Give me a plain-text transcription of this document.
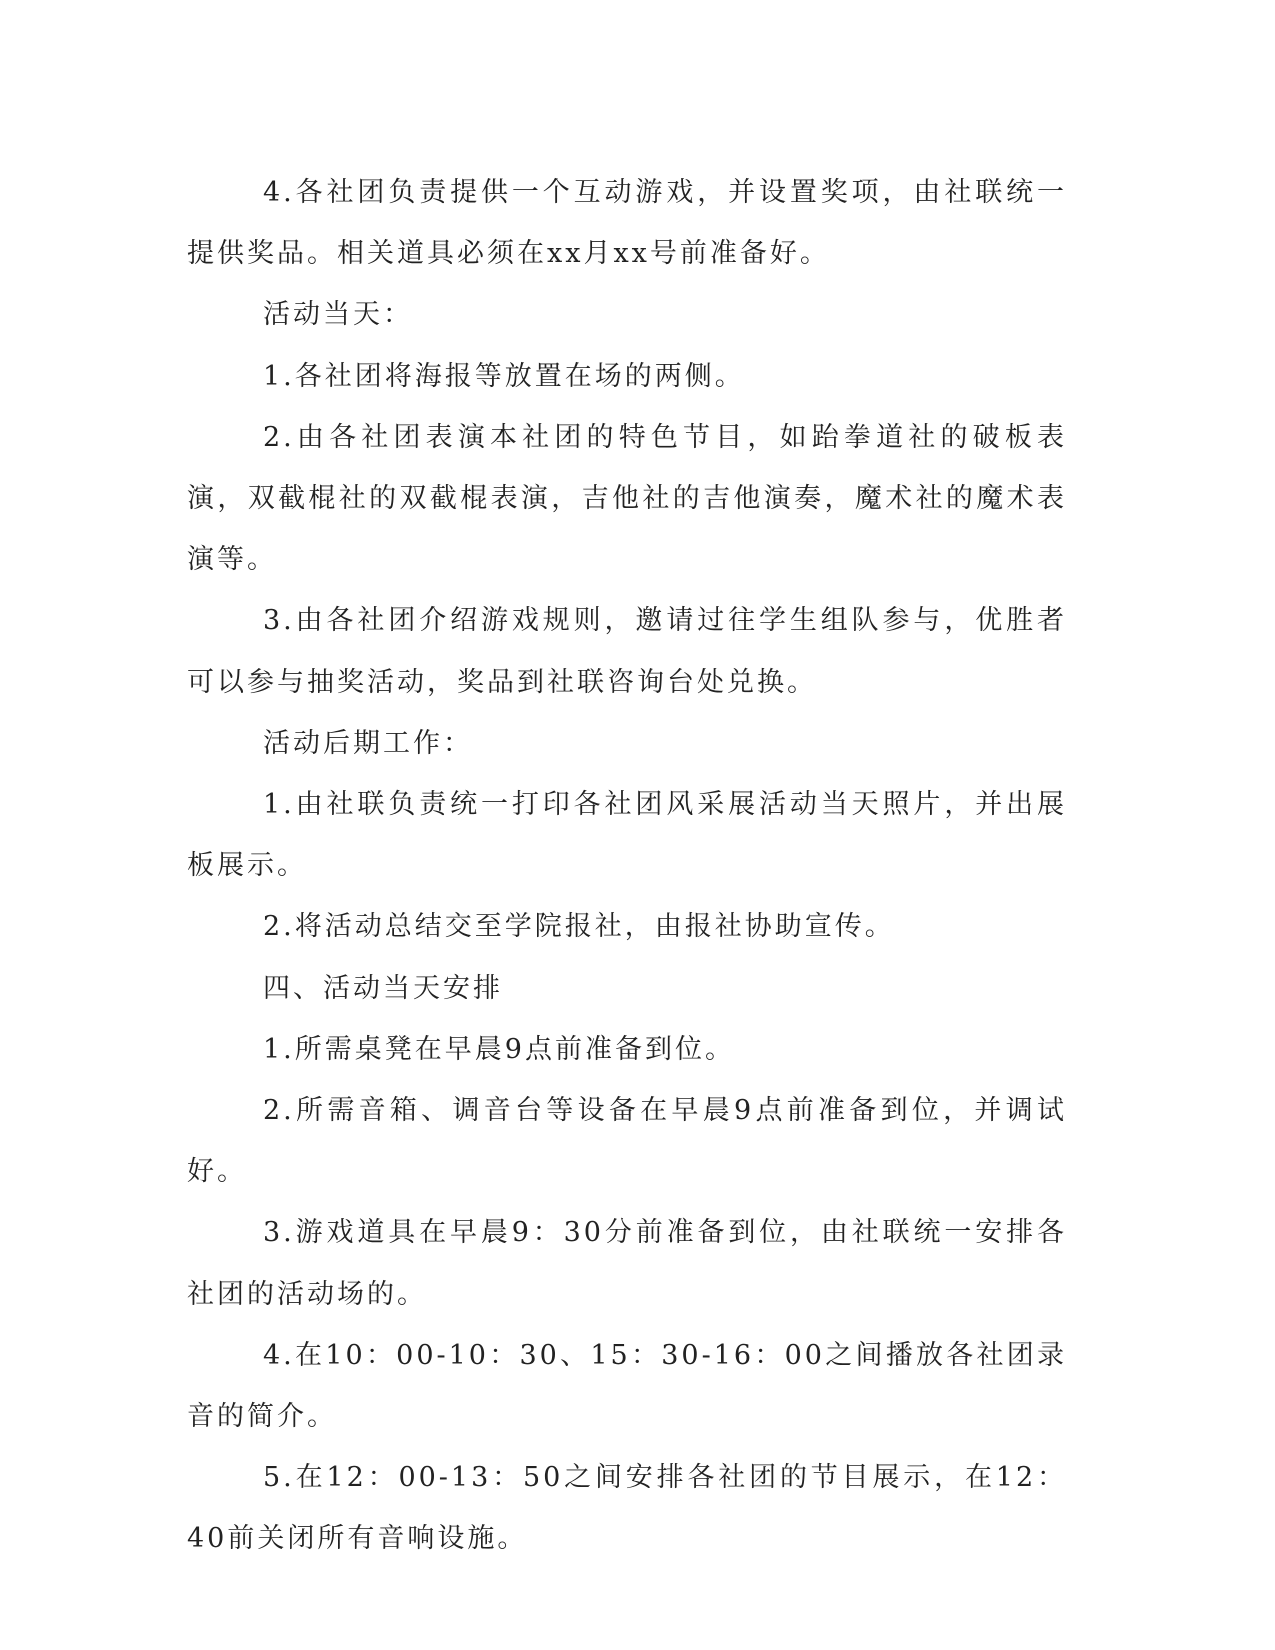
4.各社团负责提供一个互动游戏，并设置奖项，由社联统一提供奖品。相关道具必须在xx月xx号前准备好。

活动当天：

1.各社团将海报等放置在场的两侧。

2.由各社团表演本社团的特色节目，如跆拳道社的破板表演，双截棍社的双截棍表演，吉他社的吉他演奏，魔术社的魔术表演等。

3.由各社团介绍游戏规则，邀请过往学生组队参与，优胜者可以参与抽奖活动，奖品到社联咨询台处兑换。

活动后期工作：

1.由社联负责统一打印各社团风采展活动当天照片，并出展板展示。

2.将活动总结交至学院报社，由报社协助宣传。

四、活动当天安排

1.所需桌凳在早晨9点前准备到位。

2.所需音箱、调音台等设备在早晨9点前准备到位，并调试好。

3.游戏道具在早晨9：30分前准备到位，由社联统一安排各社团的活动场的。

4.在10：00-10：30、15：30-16：00之间播放各社团录音的简介。

5.在12：00-13：50之间安排各社团的节目展示，在12：40前关闭所有音响设施。
